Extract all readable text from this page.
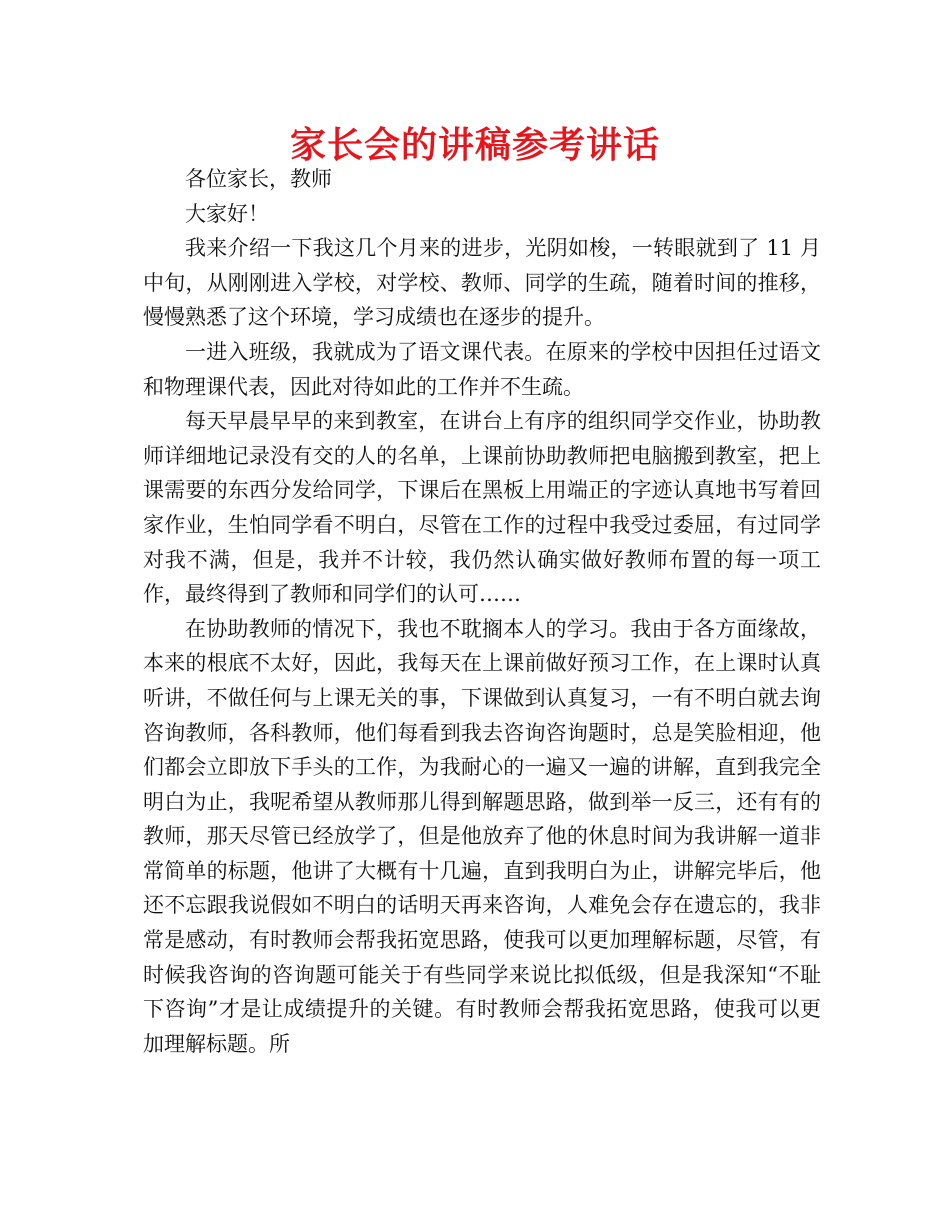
家长会的讲稿参考讲话

各位家长，教师

大家好！

我来介绍一下我这几个月来的进步，光阴如梭，一转眼就到了 11 月中旬，从刚刚进入学校，对学校、教师、同学的生疏，随着时间的推移，慢慢熟悉了这个环境，学习成绩也在逐步的提升。

一进入班级，我就成为了语文课代表。在原来的学校中因担任过语文和物理课代表，因此对待如此的工作并不生疏。

每天早晨早早的来到教室，在讲台上有序的组织同学交作业，协助教师详细地记录没有交的人的名单，上课前协助教师把电脑搬到教室，把上课需要的东西分发给同学，下课后在黑板上用端正的字迹认真地书写着回家作业，生怕同学看不明白，尽管在工作的过程中我受过委屈，有过同学对我不满，但是，我并不计较，我仍然认确实做好教师布置的每一项工作，最终得到了教师和同学们的认可……

在协助教师的情况下，我也不耽搁本人的学习。我由于各方面缘故，本来的根底不太好，因此，我每天在上课前做好预习工作，在上课时认真听讲，不做任何与上课无关的事，下课做到认真复习，一有不明白就去询咨询教师，各科教师，他们每看到我去咨询咨询题时，总是笑脸相迎，他们都会立即放下手头的工作，为我耐心的一遍又一遍的讲解，直到我完全明白为止，我呢希望从教师那儿得到解题思路，做到举一反三，还有有的教师，那天尽管已经放学了，但是他放弃了他的休息时间为我讲解一道非常简单的标题，他讲了大概有十几遍，直到我明白为止，讲解完毕后，他还不忘跟我说假如不明白的话明天再来咨询，人难免会存在遗忘的，我非常是感动，有时教师会帮我拓宽思路，使我可以更加理解标题，尽管，有时候我咨询的咨询题可能关于有些同学来说比拟低级，但是我深知“不耻下咨询”才是让成绩提升的关键。有时教师会帮我拓宽思路，使我可以更加理解标题。所
